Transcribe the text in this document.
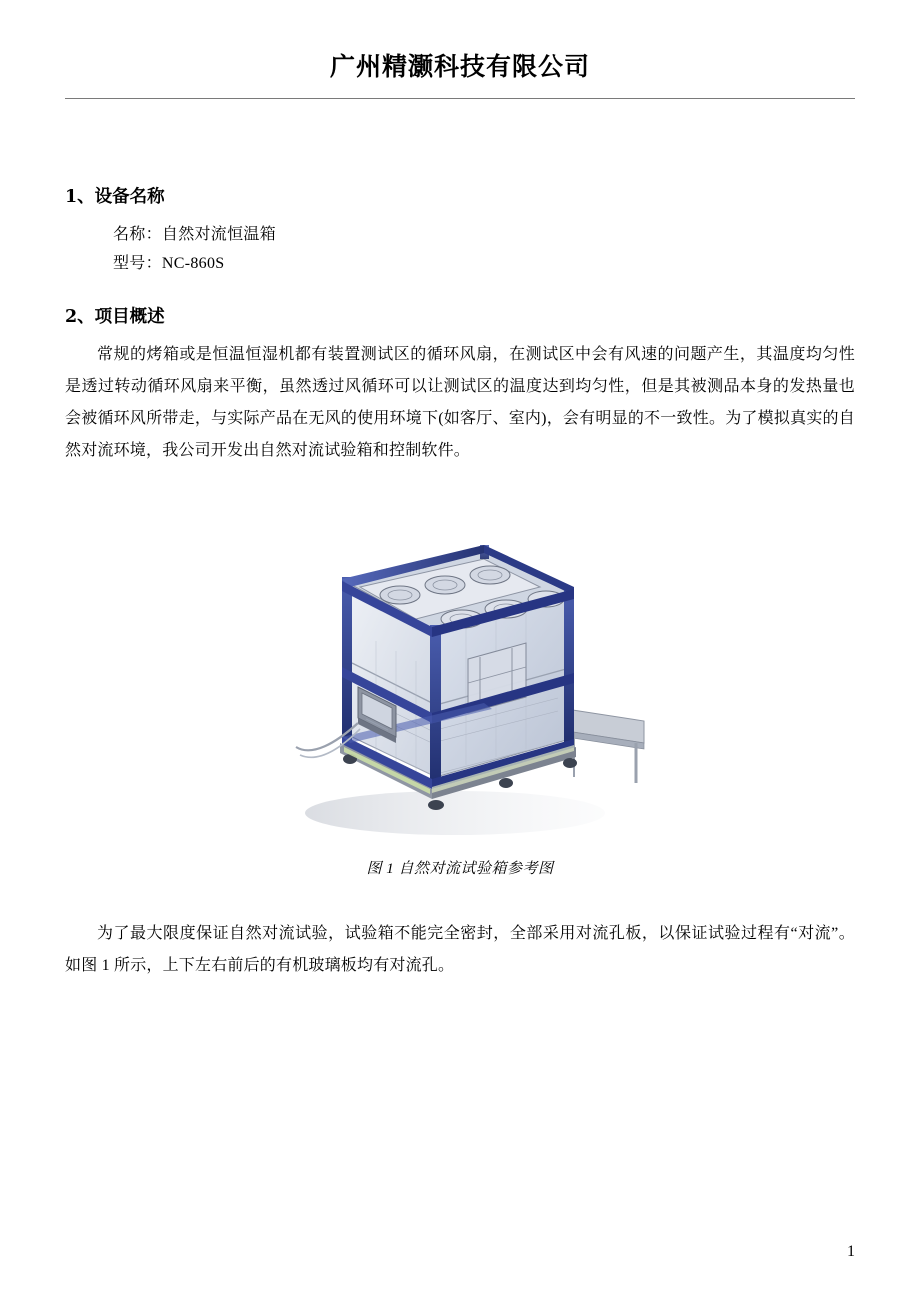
广州精灏科技有限公司
1、设备名称
名称：自然对流恒温箱
型号：NC-860S
2、项目概述

常规的烤箱或是恒温恒湿机都有装置测试区的循环风扇，在测试区中会有风速的问题产生，其温度均匀性是透过转动循环风扇来平衡，虽然透过风循环可以让测试区的温度达到均匀性，但是其被测品本身的发热量也会被循环风所带走，与实际产品在无风的使用环境下(如客厅、室内)，会有明显的不一致性。为了模拟真实的自然对流环境，我公司开发出自然对流试验箱和控制软件。

图 1 自然对流试验箱参考图

为了最大限度保证自然对流试验，试验箱不能完全密封，全部采用对流孔板，以保证试验过程有“对流”。如图 1 所示，上下左右前后的有机玻璃板均有对流孔。

1
